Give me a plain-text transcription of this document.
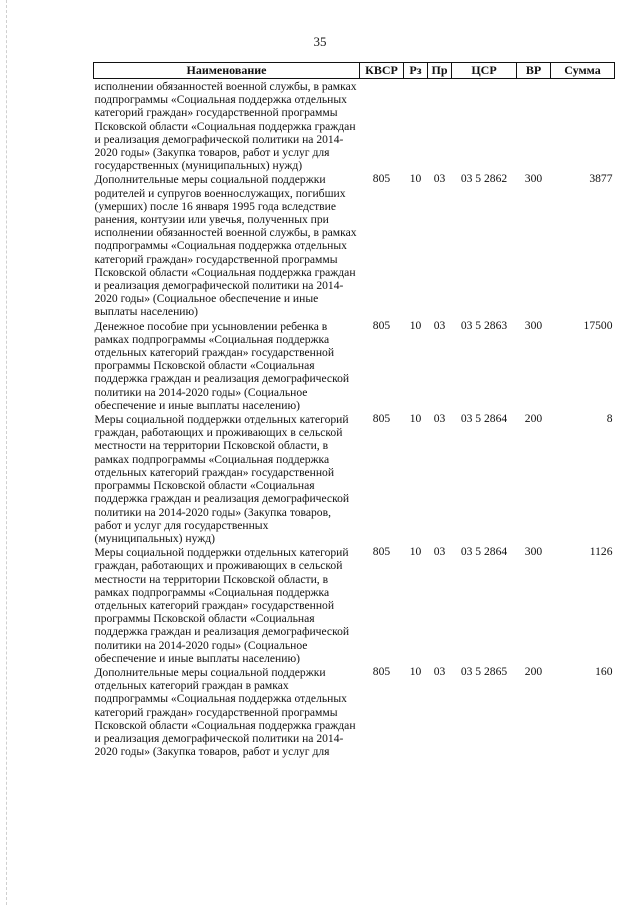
35
Наименование	КВСР	Рз	Пр	ЦСР	ВР	Сумма
исполнении обязанностей военной службы, в рамках подпрограммы «Социальная поддержка отдельных категорий граждан» государственной программы Псковской области «Социальная поддержка граждан и реализация демографической политики на 2014-2020 годы» (Закупка товаров, работ и услуг для государственных (муниципальных) нужд)						
Дополнительные меры социальной поддержки родителей и супругов военнослужащих, погибших (умерших) после 16 января 1995 года вследствие ранения, контузии или увечья, полученных при исполнении обязанностей военной службы, в рамках подпрограммы «Социальная поддержка отдельных категорий граждан» государственной программы Псковской области «Социальная поддержка граждан и реализация демографической политики на 2014-2020 годы» (Социальное обеспечение и иные выплаты населению)	805	10	03	03 5 2862	300	3877
Денежное пособие при усыновлении ребенка в рамках подпрограммы «Социальная поддержка отдельных категорий граждан» государственной программы Псковской области «Социальная поддержка граждан и реализация демографической политики на 2014-2020 годы» (Социальное обеспечение и иные выплаты населению)	805	10	03	03 5 2863	300	17500
Меры социальной поддержки отдельных категорий граждан, работающих и проживающих в сельской местности на территории Псковской области, в рамках подпрограммы «Социальная поддержка отдельных категорий граждан» государственной программы Псковской области «Социальная поддержка граждан и реализация демографической политики на 2014-2020 годы» (Закупка товаров, работ и услуг для государственных (муниципальных) нужд)	805	10	03	03 5 2864	200	8
Меры социальной поддержки отдельных категорий граждан, работающих и проживающих в сельской местности на территории Псковской области, в рамках подпрограммы «Социальная поддержка отдельных категорий граждан» государственной программы Псковской области «Социальная поддержка граждан и реализация демографической политики на 2014-2020 годы» (Социальное обеспечение и иные выплаты населению)	805	10	03	03 5 2864	300	1126
Дополнительные меры социальной поддержки отдельных категорий граждан в рамках подпрограммы «Социальная поддержка отдельных категорий граждан» государственной программы Псковской области «Социальная поддержка граждан и реализация демографической политики на 2014-2020 годы» (Закупка товаров, работ и услуг для	805	10	03	03 5 2865	200	160
